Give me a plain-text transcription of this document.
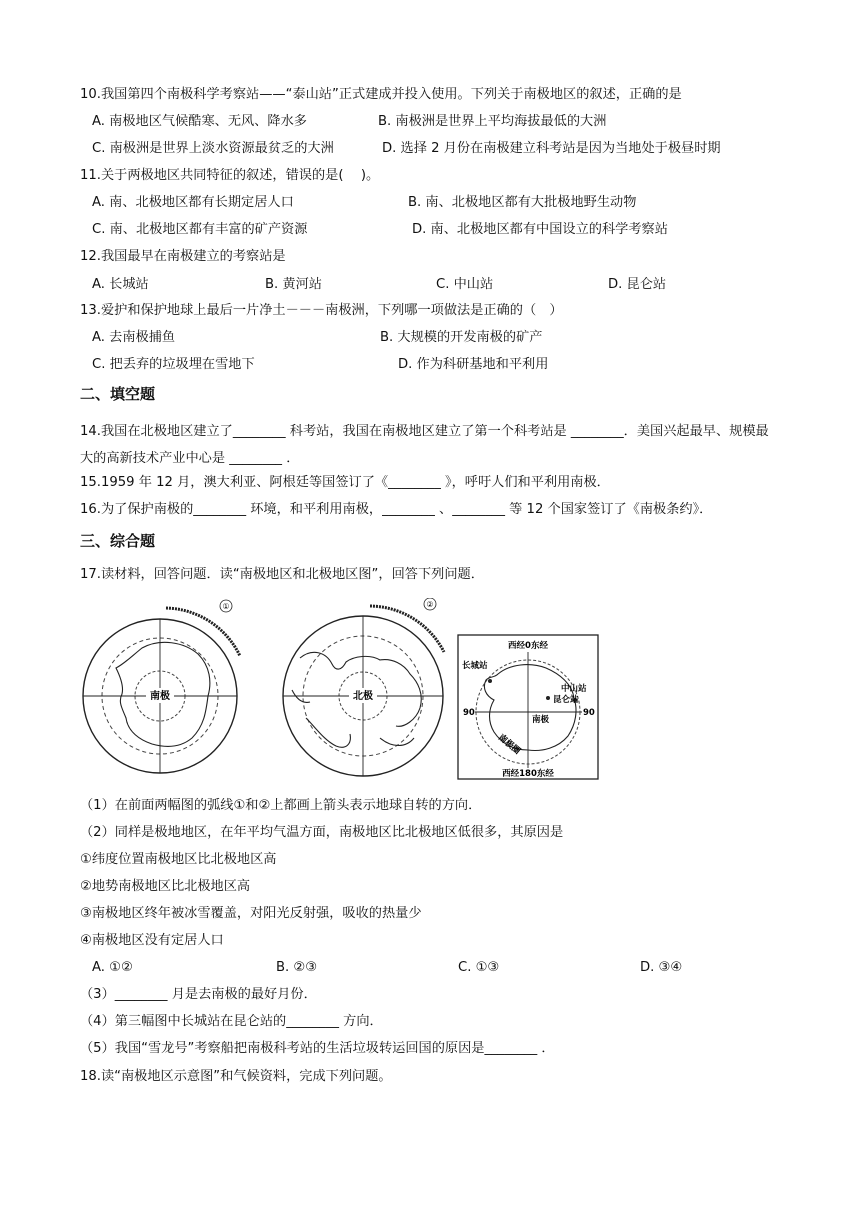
10.我国第四个南极科学考察站——“泰山站”正式建成并投入使用。下列关于南极地区的叙述，正确的是
A. 南极地区气候酷寒、无风、降水多	B. 南极洲是世界上平均海拔最低的大洲
C. 南极洲是世界上淡水资源最贫乏的大洲	D. 选择 2 月份在南极建立科考站是因为当地处于极昼时期
11.关于两极地区共同特征的叙述，错误的是(　 )。
A. 南、北极地区都有长期定居人口	B. 南、北极地区都有大批极地野生动物
C. 南、北极地区都有丰富的矿产资源	D. 南、北极地区都有中国设立的科学考察站
12.我国最早在南极建立的考察站是
A. 长城站	B. 黄河站	C. 中山站	D. 昆仑站
13.爱护和保护地球上最后一片净土－－－南极洲，下列哪一项做法是正确的（　）
A. 去南极捕鱼	B. 大规模的开发南极的矿产
C. 把丢弃的垃圾埋在雪地下	D. 作为科研基地和平利用
二、填空题
14.我国在北极地区建立了________ 科考站，我国在南极地区建立了第一个科考站是 ________．美国兴起最早、规模最大的高新技术产业中心是 ________ ．
15.1959 年 12 月，澳大利亚、阿根廷等国签订了《________ 》，呼吁人们和平利用南极．
16.为了保护南极的________ 环境，和平利用南极，________ 、________ 等 12 个国家签订了《南极条约》．
三、综合题
17.读材料，回答问题．读“南极地区和北极地区图”，回答下列问题．
①
南极
②
北极
西经0东经
西经180东经
90	90
长城站
中山站
昆仑站
南极
南极圈
（1）在前面两幅图的弧线①和②上都画上箭头表示地球自转的方向．
（2）同样是极地地区，在年平均气温方面，南极地区比北极地区低很多，其原因是
①纬度位置南极地区比北极地区高
②地势南极地区比北极地区高
③南极地区终年被冰雪覆盖，对阳光反射强，吸收的热量少
④南极地区没有定居人口
A. ①②	B. ②③	C. ①③	D. ③④
（3）________ 月是去南极的最好月份．
（4）第三幅图中长城站在昆仑站的________ 方向．
（5）我国“雪龙号”考察船把南极科考站的生活垃圾转运回国的原因是________ ．
18.读“南极地区示意图”和气候资料，完成下列问题。
